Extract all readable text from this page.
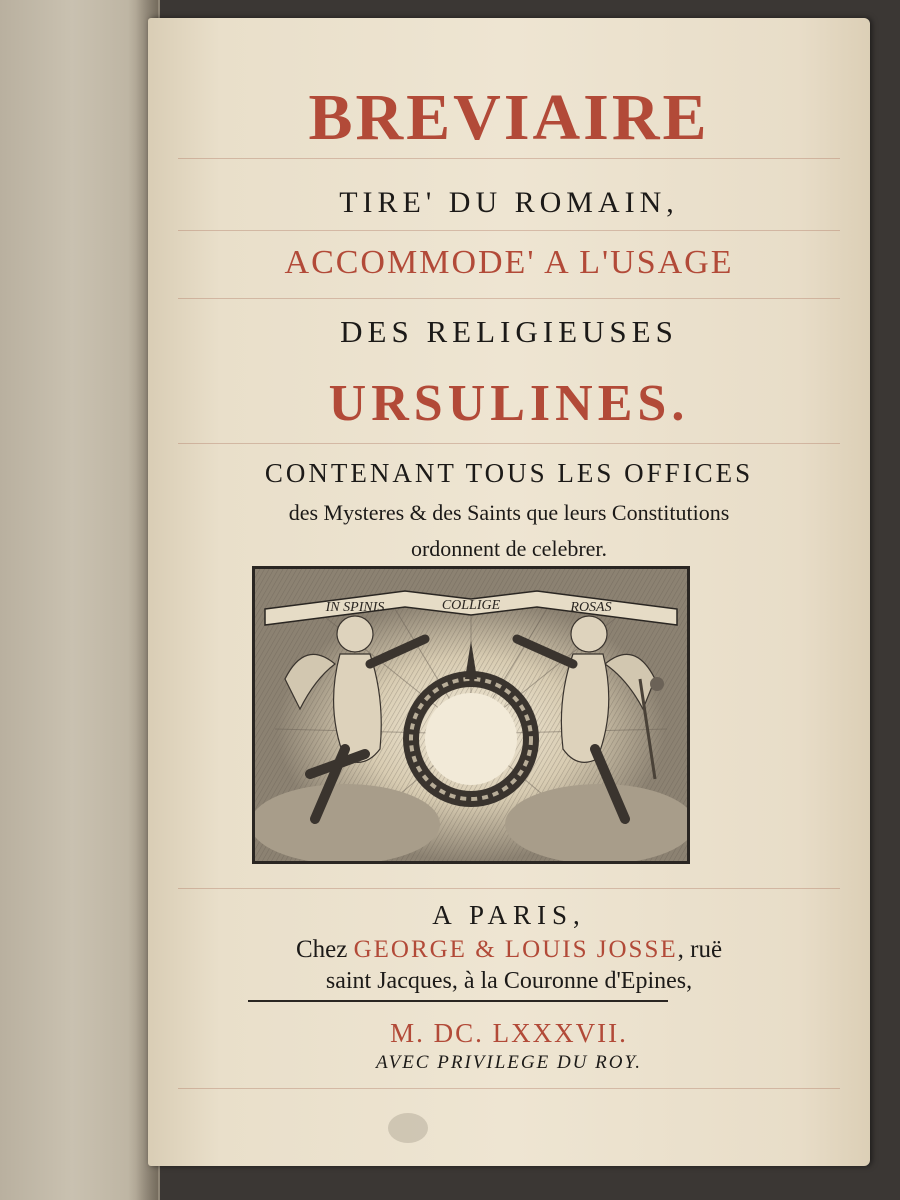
BREVIAIRE
TIRE' DU ROMAIN,
ACCOMMODE' A L'USAGE
DES RELIGIEUSES
URSULINES.
CONTENANT TOUS LES OFFICES
des Mysteres & des Saints que leurs Constitutions
ordonnent de celebrer.
IN SPINIS	COLLIGE	ROSAS
A PARIS,
Chez GEORGE & LOUIS JOSSE, ruë
saint Jacques, à la Couronne d'Epines,
M. DC. LXXXVII.
AVEC PRIVILEGE DU ROY.
